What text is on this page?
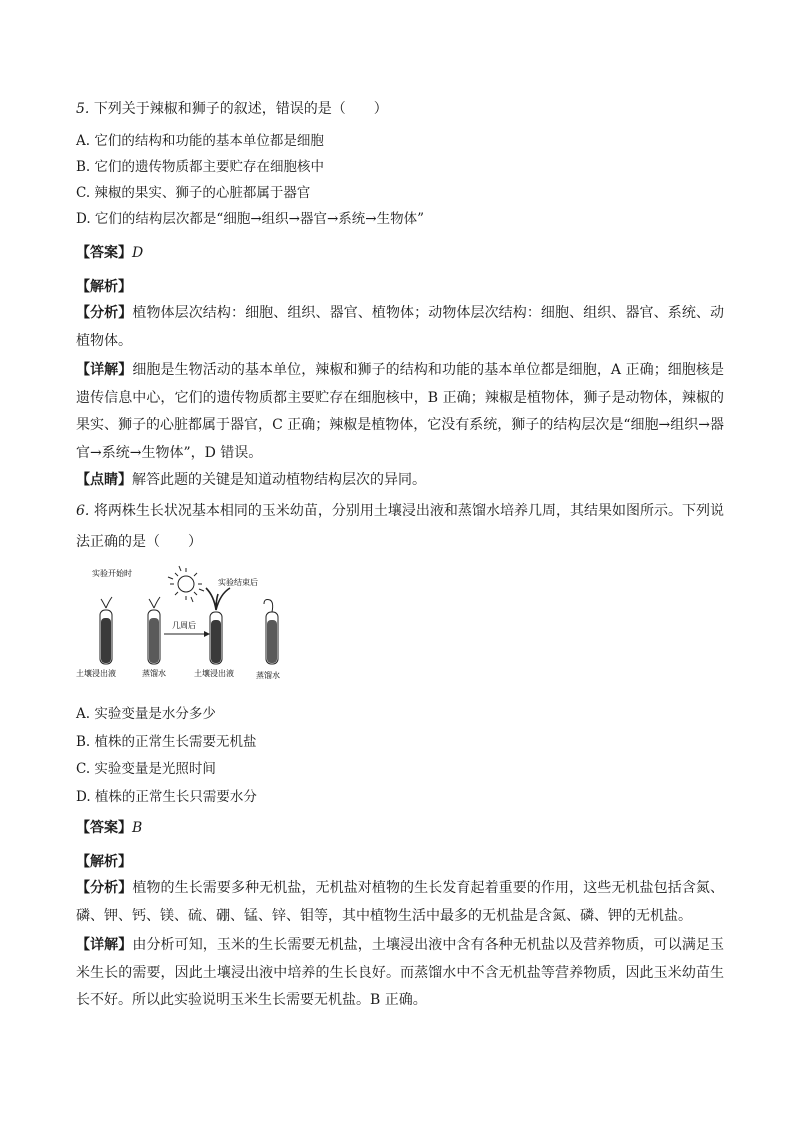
5. 下列关于辣椒和狮子的叙述，错误的是（　　）
A. 它们的结构和功能的基本单位都是细胞
B. 它们的遗传物质都主要贮存在细胞核中
C. 辣椒的果实、狮子的心脏都属于器官
D. 它们的结构层次都是“细胞→组织→器官→系统→生物体”
【答案】D
【解析】
【分析】植物体层次结构：细胞、组织、器官、植物体；动物体层次结构：细胞、组织、器官、系统、动植物体。
【详解】细胞是生物活动的基本单位，辣椒和狮子的结构和功能的基本单位都是细胞，A 正确；细胞核是遗传信息中心，它们的遗传物质都主要贮存在细胞核中，B 正确；辣椒是植物体，狮子是动物体，辣椒的果实、狮子的心脏都属于器官，C 正确；辣椒是植物体，它没有系统，狮子的结构层次是“细胞→组织→器官→系统→生物体”，D 错误。
【点睛】解答此题的关键是知道动植物结构层次的异同。
6. 将两株生长状况基本相同的玉米幼苗，分别用土壤浸出液和蒸馏水培养几周，其结果如图所示。下列说法正确的是（　　）
实验开始时
实验结束后
几周后
土壤浸出液	蒸馏水	土壤浸出液	蒸馏水
A. 实验变量是水分多少
B. 植株的正常生长需要无机盐
C. 实验变量是光照时间
D. 植株的正常生长只需要水分
【答案】B
【解析】
【分析】植物的生长需要多种无机盐，无机盐对植物的生长发育起着重要的作用，这些无机盐包括含氮、磷、钾、钙、镁、硫、硼、锰、锌、钼等，其中植物生活中最多的无机盐是含氮、磷、钾的无机盐。
【详解】由分析可知，玉米的生长需要无机盐，土壤浸出液中含有各种无机盐以及营养物质，可以满足玉米生长的需要，因此土壤浸出液中培养的生长良好。而蒸馏水中不含无机盐等营养物质，因此玉米幼苗生长不好。所以此实验说明玉米生长需要无机盐。B 正确。
